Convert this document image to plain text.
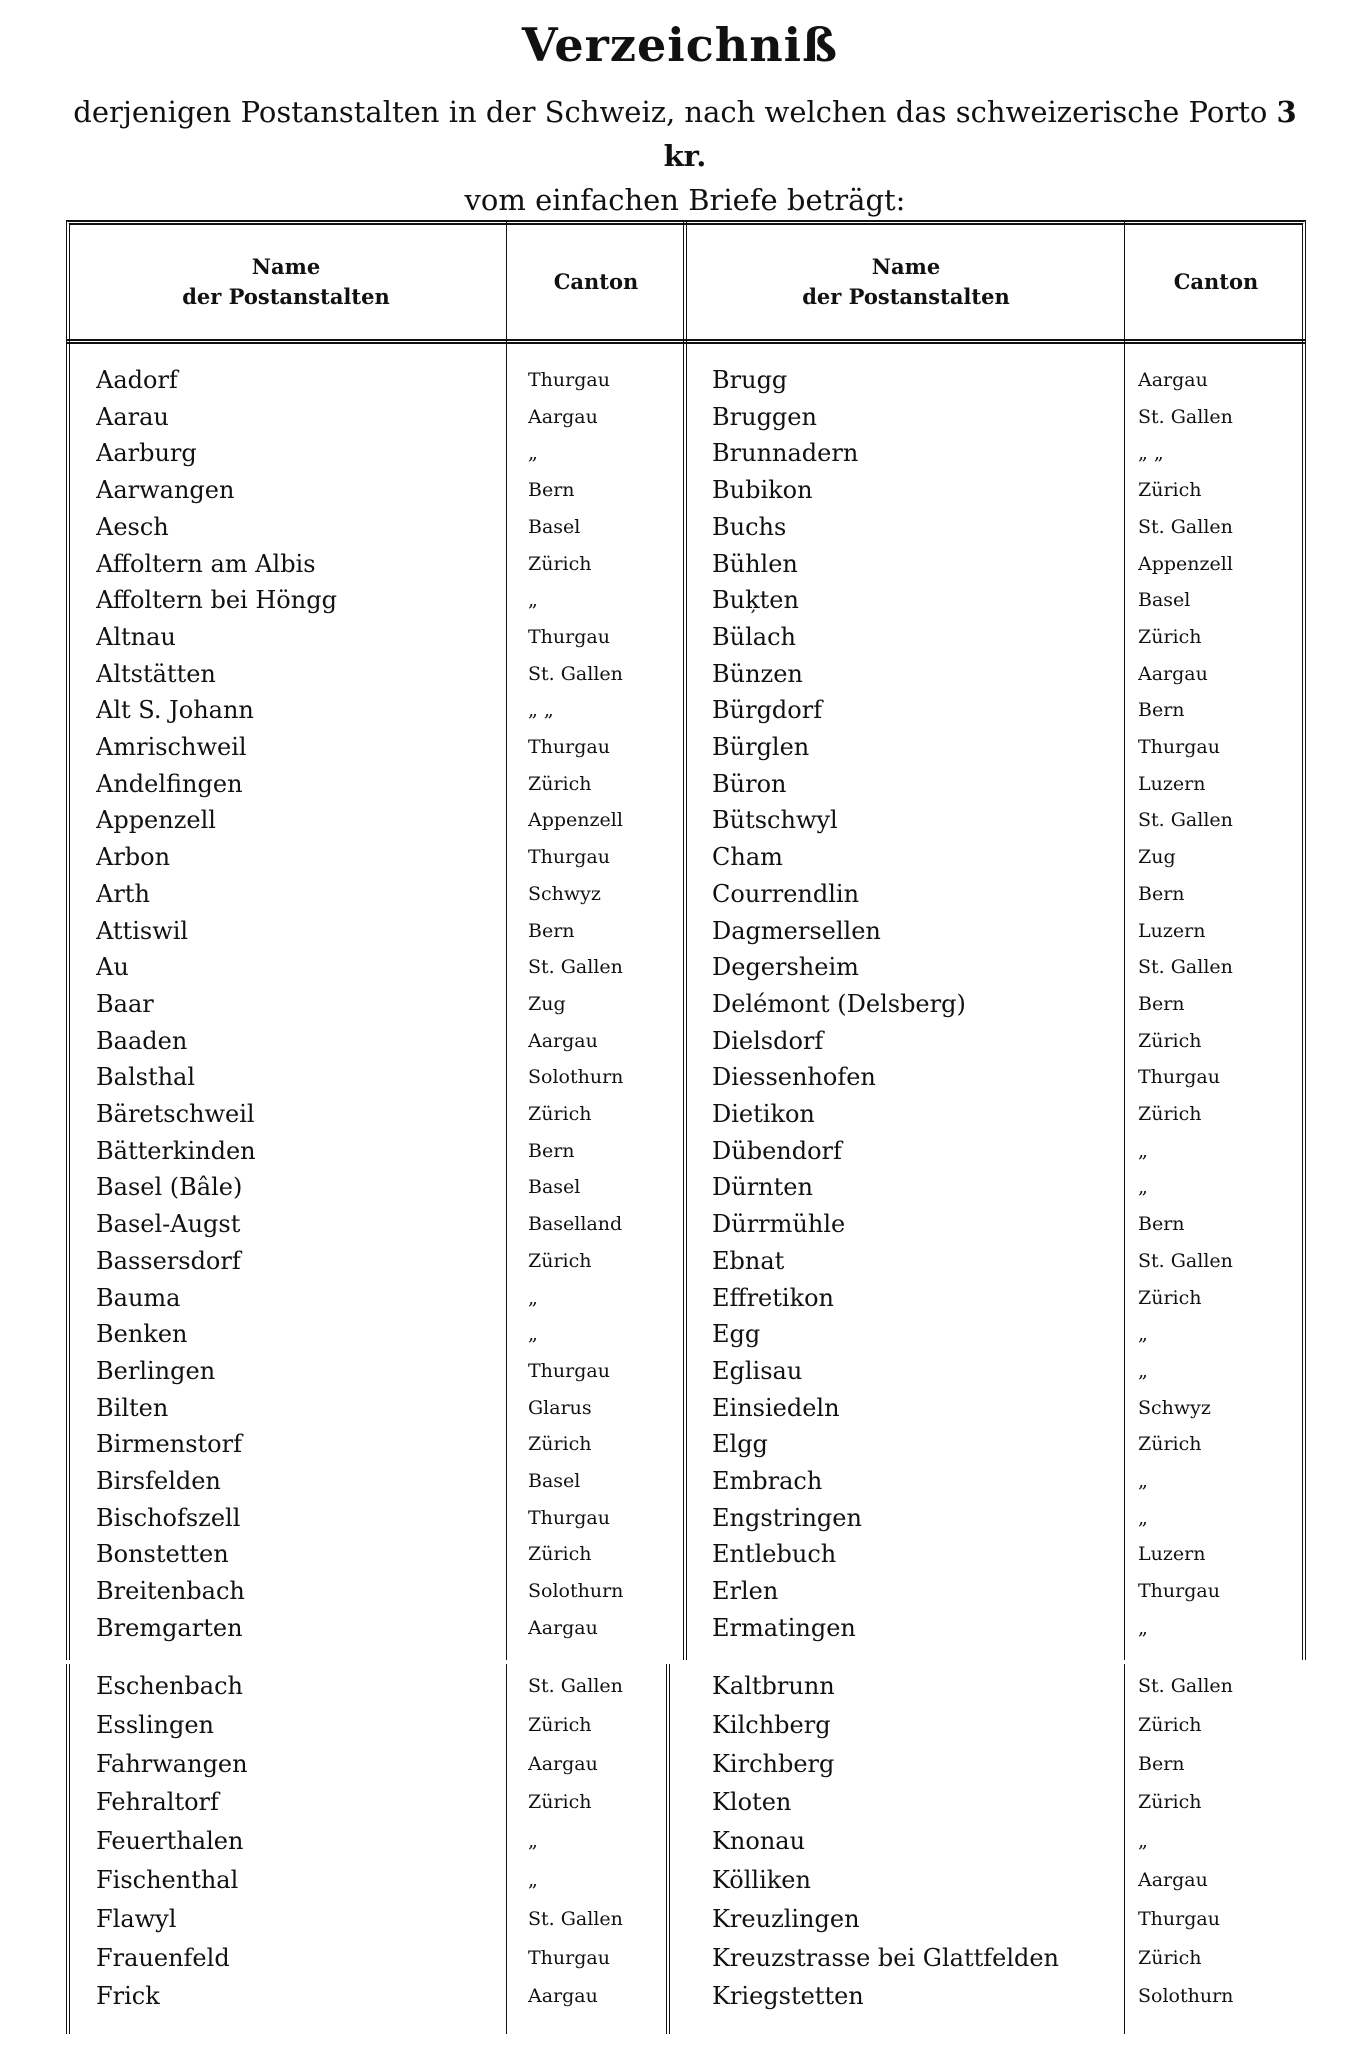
Verzeichniß
derjenigen Postanstalten in der Schweiz, nach welchen das schweizerische Porto 3 kr.
vom einfachen Briefe beträgt:
Name
der Postanstalten
Canton
Name
der Postanstalten
Canton
Aadorf	Thurgau	Brugg	Aargau
Aarau	Aargau	Bruggen	St. Gallen
Aarburg	„	Brunnadern	„ „
Aarwangen	Bern	Bubikon	Zürich
Aesch	Basel	Buchs	St. Gallen
Affoltern am Albis	Zürich	Bühlen	Appenzell
Affoltern bei Höngg	„	Buķten	Basel
Altnau	Thurgau	Bülach	Zürich
Altstätten	St. Gallen	Bünzen	Aargau
Alt S. Johann	„ „	Bürgdorf	Bern
Amrischweil	Thurgau	Bürglen	Thurgau
Andelfingen	Zürich	Büron	Luzern
Appenzell	Appenzell	Bütschwyl	St. Gallen
Arbon	Thurgau	Cham	Zug
Arth	Schwyz	Courrendlin	Bern
Attiswil	Bern	Dagmersellen	Luzern
Au	St. Gallen	Degersheim	St. Gallen
Baar	Zug	Delémont (Delsberg)	Bern
Baaden	Aargau	Dielsdorf	Zürich
Balsthal	Solothurn	Diessenhofen	Thurgau
Bäretschweil	Zürich	Dietikon	Zürich
Bätterkinden	Bern	Dübendorf	„
Basel (Bâle)	Basel	Dürnten	„
Basel-Augst	Baselland	Dürrmühle	Bern
Bassersdorf	Zürich	Ebnat	St. Gallen
Bauma	„	Effretikon	Zürich
Benken	„	Egg	„
Berlingen	Thurgau	Eglisau	„
Bilten	Glarus	Einsiedeln	Schwyz
Birmenstorf	Zürich	Elgg	Zürich
Birsfelden	Basel	Embrach	„
Bischofszell	Thurgau	Engstringen	„
Bonstetten	Zürich	Entlebuch	Luzern
Breitenbach	Solothurn	Erlen	Thurgau
Bremgarten	Aargau	Ermatingen	„
Eschenbach	St. Gallen	Kaltbrunn	St. Gallen
Esslingen	Zürich	Kilchberg	Zürich
Fahrwangen	Aargau	Kirchberg	Bern
Fehraltorf	Zürich	Kloten	Zürich
Feuerthalen	„	Knonau	„
Fischenthal	„	Kölliken	Aargau
Flawyl	St. Gallen	Kreuzlingen	Thurgau
Frauenfeld	Thurgau	Kreuzstrasse bei Glattfelden	Zürich
Frick	Aargau	Kriegstetten	Solothurn
